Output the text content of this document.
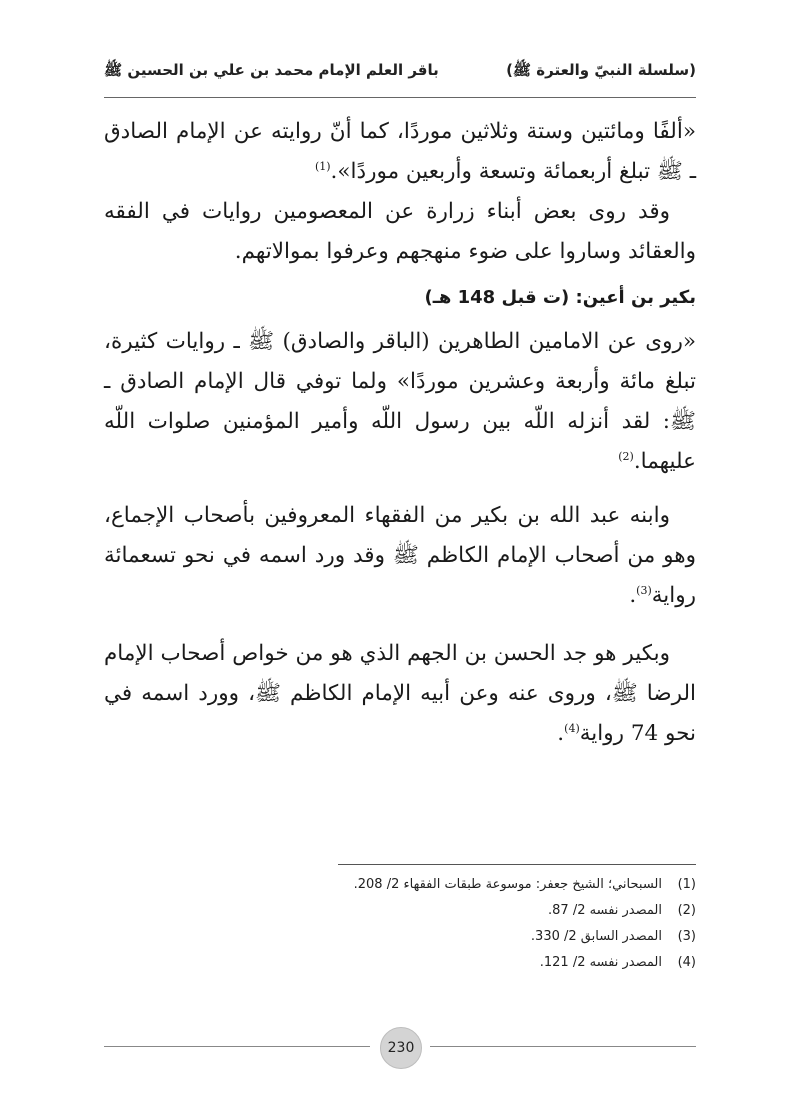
(سلسلة النبيّ والعترة ﷺ)
باقر العلم الإمام محمد بن علي بن الحسين ﷺ

«ألفًا ومائتين وستة وثلاثين موردًا، كما أنّ روايته عن الإمام الصادق ـ ﷺ تبلغ أربعمائة وتسعة وأربعين موردًا».$^{(1)}$

وقد روى بعض أبناء زرارة عن المعصومين روايات في الفقه والعقائد وساروا على ضوء منهجهم وعرفوا بموالاتهم.

بكير بن أعين: (ت قبل 148 هـ)

«روى عن الامامين الطاهرين (الباقر والصادق) ﷺ ـ روايات كثيرة، تبلغ مائة وأربعة وعشرين موردًا» ولما توفي قال الإمام الصادق ـ ﷺ: لقد أنزله اللّه بين رسول اللّه وأمير المؤمنين صلوات اللّه عليهما.$^{(2)}$

وابنه عبد الله بن بكير من الفقهاء المعروفين بأصحاب الإجماع، وهو من أصحاب الإمام الكاظم ﷺ وقد ورد اسمه في نحو تسعمائة رواية$^{(3)}$.

وبكير هو جد الحسن بن الجهم الذي هو من خواص أصحاب الإمام الرضا ﷺ، وروى عنه وعن أبيه الإمام الكاظم ﷺ، وورد اسمه في نحو 74 رواية$^{(4)}$.

(1)
السبحاني؛ الشيخ جعفر: موسوعة طبقات الفقهاء 2/ 208.
(2)
المصدر نفسه 2/ 87.
(3)
المصدر السابق 2/ 330.
(4)
المصدر نفسه 2/ 121.
230
